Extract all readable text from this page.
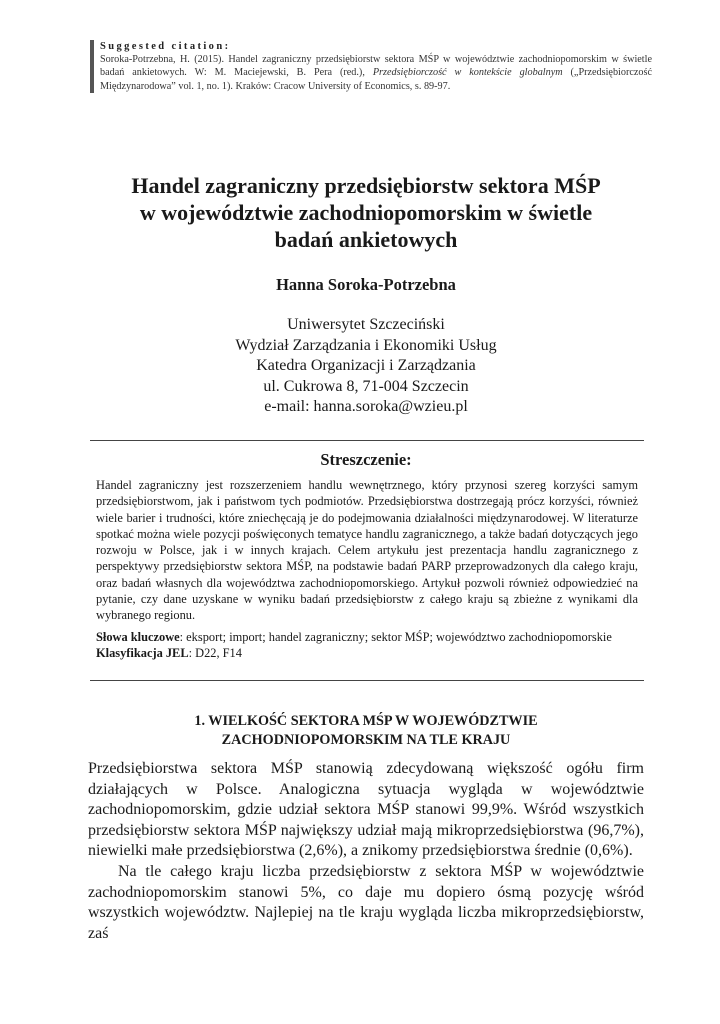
Suggested citation:
Soroka-Potrzebna, H. (2015). Handel zagraniczny przedsiębiorstw sektora MŚP w województwie zachodniopomorskim w świetle badań ankietowych. W: M. Maciejewski, B. Pera (red.), Przedsiębiorczość w kontekście globalnym („Przedsiębiorczość Międzynarodowa” vol. 1, no. 1). Kraków: Cracow University of Economics, s. 89-97.
Handel zagraniczny przedsiębiorstw sektora MŚP
w województwie zachodniopomorskim w świetle
badań ankietowych

Hanna Soroka-Potrzebna

Uniwersytet Szczeciński
Wydział Zarządzania i Ekonomiki Usług
Katedra Organizacji i Zarządzania
ul. Cukrowa 8, 71-004 Szczecin
e-mail: hanna.soroka@wzieu.pl
Streszczenie:

Handel zagraniczny jest rozszerzeniem handlu wewnętrznego, który przynosi szereg korzyści samym przedsiębiorstwom, jak i państwom tych podmiotów. Przedsiębiorstwa dostrzegają prócz korzyści, również wiele barier i trudności, które zniechęcają je do podejmowania działalności międzynarodowej. W literaturze spotkać można wiele pozycji poświęconych tematyce handlu zagranicznego, a także badań dotyczących jego rozwoju w Polsce, jak i w innych krajach. Celem artykułu jest prezentacja handlu zagranicznego z perspektywy przedsiębiorstw sektora MŚP, na podstawie badań PARP przeprowadzonych dla całego kraju, oraz badań własnych dla województwa zachodniopomorskiego. Artykuł pozwoli również odpowiedzieć na pytanie, czy dane uzyskane w wyniku badań przedsiębiorstw z całego kraju są zbieżne z wynikami dla wybranego regionu.

Słowa kluczowe: eksport; import; handel zagraniczny; sektor MŚP; województwo zachodniopomorskie
Klasyfikacja JEL: D22, F14
1. WIELKOŚĆ SEKTORA MŚP W WOJEWÓDZTWIE
ZACHODNIOPOMORSKIM NA TLE KRAJU

Przedsiębiorstwa sektora MŚP stanowią zdecydowaną większość ogółu firm działających w Polsce. Analogiczna sytuacja wygląda w województwie zachodniopomorskim, gdzie udział sektora MŚP stanowi 99,9%. Wśród wszystkich przedsiębiorstw sektora MŚP największy udział mają mikroprzedsiębiorstwa (96,7%), niewielki małe przedsiębiorstwa (2,6%), a znikomy przedsiębiorstwa średnie (0,6%).

Na tle całego kraju liczba przedsiębiorstw z sektora MŚP w województwie zachodniopomorskim stanowi 5%, co daje mu dopiero ósmą pozycję wśród wszystkich województw. Najlepiej na tle kraju wygląda liczba mikroprzedsiębiorstw, zaś
